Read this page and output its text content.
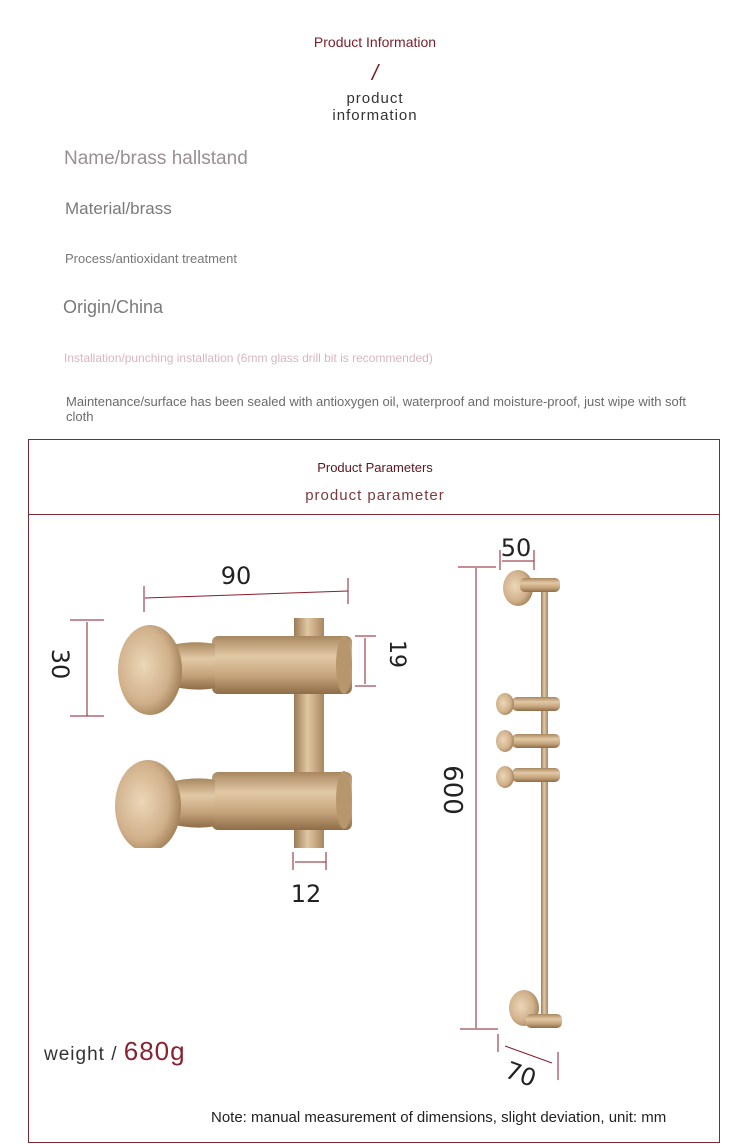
Product Information
/
product
information
Name/brass hallstand
Material/brass
Process/antioxidant treatment
Origin/China
Installation/punching installation (6mm glass drill bit is recommended)
Maintenance/surface has been sealed with antioxygen oil, waterproof and moisture-proof, just wipe with soft cloth
Product Parameters
product parameter
90
30	19
12
50
600
70
weight / 680g
Note: manual measurement of dimensions, slight deviation, unit: mm
